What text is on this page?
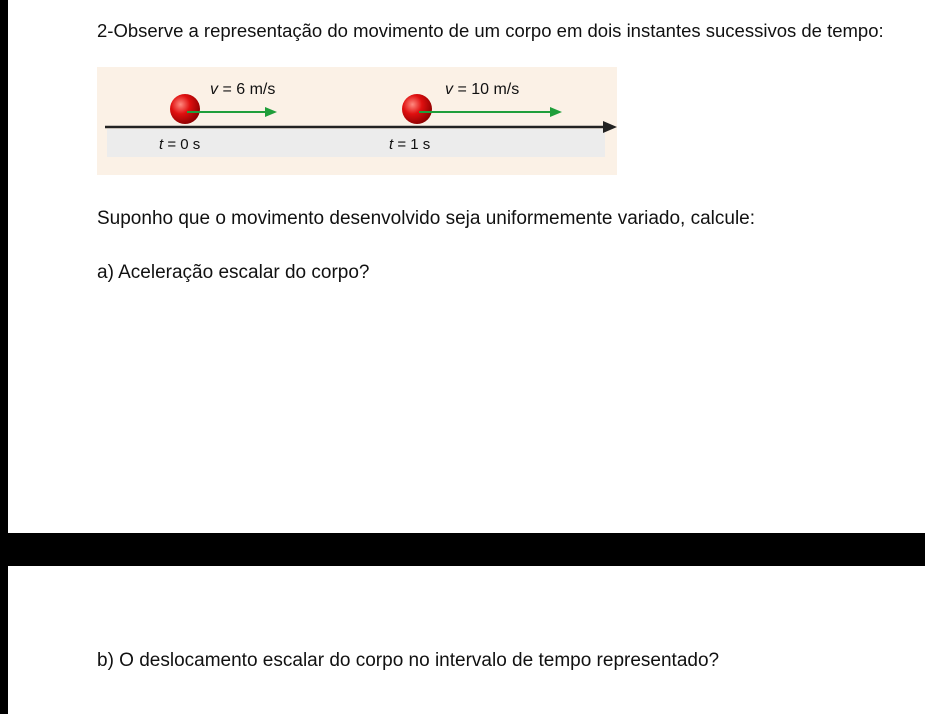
2-Observe a representação do movimento de um corpo em dois instantes sucessivos de tempo:
v = 6 m/s
t = 0 s
v = 10 m/s
t = 1 s
Suponho que o movimento desenvolvido seja uniformemente variado, calcule:
a) Aceleração escalar do corpo?
b) O deslocamento escalar do corpo no intervalo de tempo representado?
